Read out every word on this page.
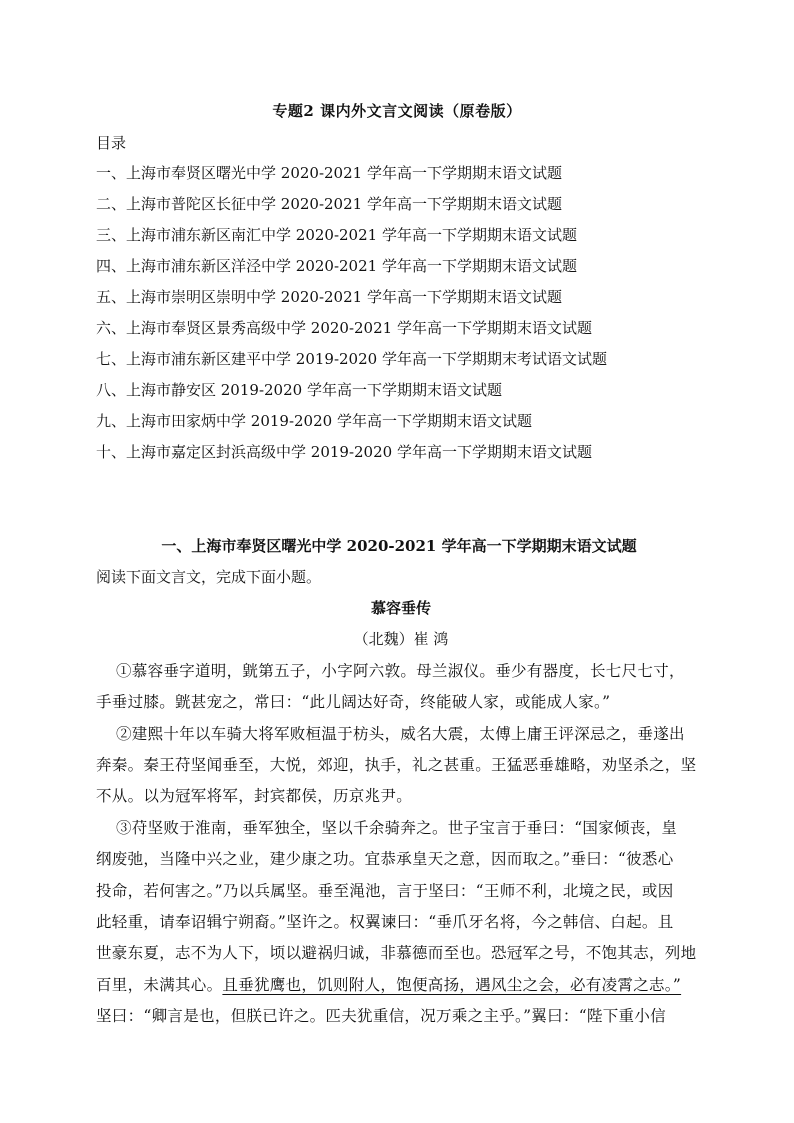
专题2 课内外文言文阅读（原卷版）
目录
一、上海市奉贤区曙光中学 2020-2021 学年高一下学期期末语文试题
二、上海市普陀区长征中学 2020-2021 学年高一下学期期末语文试题
三、上海市浦东新区南汇中学 2020-2021 学年高一下学期期末语文试题
四、上海市浦东新区洋泾中学 2020-2021 学年高一下学期期末语文试题
五、上海市崇明区崇明中学 2020-2021 学年高一下学期期末语文试题
六、上海市奉贤区景秀高级中学 2020-2021 学年高一下学期期末语文试题
七、上海市浦东新区建平中学 2019-2020 学年高一下学期期末考试语文试题
八、上海市静安区 2019-2020 学年高一下学期期末语文试题
九、上海市田家炳中学 2019-2020 学年高一下学期期末语文试题
十、上海市嘉定区封浜高级中学 2019-2020 学年高一下学期期末语文试题
一、上海市奉贤区曙光中学 2020-2021 学年高一下学期期末语文试题
阅读下面文言文，完成下面小题。
慕容垂传
（北魏）崔 鸿
①慕容垂字道明，皝第五子，小字阿六敦。母兰淑仪。垂少有器度，长七尺七寸，
手垂过膝。皝甚宠之，常曰：“此儿阔达好奇，终能破人家，或能成人家。”
②建熙十年以车骑大将军败桓温于枋头，威名大震，太傅上庸王评深忌之，垂遂出
奔秦。秦王苻坚闻垂至，大悦，郊迎，执手，礼之甚重。王猛恶垂雄略，劝坚杀之，坚
不从。以为冠军将军，封宾都侯，历京兆尹。
③苻坚败于淮南，垂军独全，坚以千余骑奔之。世子宝言于垂曰：“国家倾丧，皇
纲废弛，当隆中兴之业，建少康之功。宜恭承皇天之意，因而取之。”垂曰：“彼悉心
投命，若何害之。”乃以兵属坚。垂至渑池，言于坚曰：“王师不利，北境之民，或因
此轻重，请奉诏辑宁朔裔。”坚许之。权翼谏曰：“垂爪牙名将，今之韩信、白起。且
世豪东夏，志不为人下，顷以避祸归诚，非慕德而至也。恐冠军之号，不饱其志，列地
百里，未满其心。且垂犹鹰也，饥则附人，饱便高扬，遇风尘之会，必有凌霄之志。”
坚曰：“卿言是也，但朕已许之。匹夫犹重信，况万乘之主乎。”翼曰：“陛下重小信
